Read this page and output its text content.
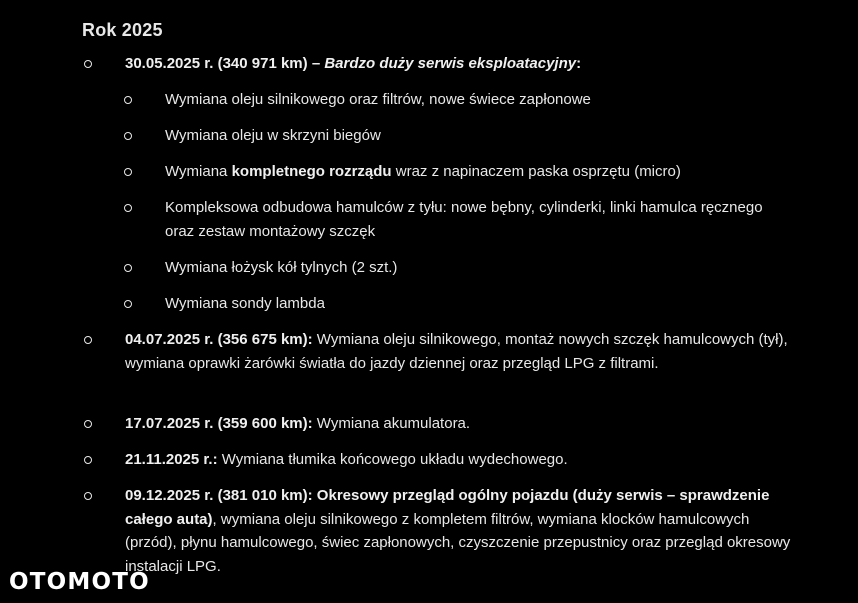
Rok 2025
30.05.2025 r. (340 971 km) – Bardzo duży serwis eksploatacyjny:
Wymiana oleju silnikowego oraz filtrów, nowe świece zapłonowe
Wymiana oleju w skrzyni biegów
Wymiana kompletnego rozrządu wraz z napinaczem paska osprzętu (micro)
Kompleksowa odbudowa hamulców z tyłu: nowe bębny, cylinderki, linki hamulca ręcznego oraz zestaw montażowy szczęk
Wymiana łożysk kół tylnych (2 szt.)
Wymiana sondy lambda
04.07.2025 r. (356 675 km): Wymiana oleju silnikowego, montaż nowych szczęk hamulcowych (tył), wymiana oprawki żarówki światła do jazdy dziennej oraz przegląd LPG z filtrami.
17.07.2025 r. (359 600 km): Wymiana akumulatora.
21.11.2025 r.: Wymiana tłumika końcowego układu wydechowego.
09.12.2025 r. (381 010 km): Okresowy przegląd ogólny pojazdu (duży serwis – sprawdzenie całego auta), wymiana oleju silnikowego z kompletem filtrów, wymiana klocków hamulcowych (przód), płynu hamulcowego, świec zapłonowych, czyszczenie przepustnicy oraz przegląd okresowy instalacji LPG.
OTOMOTO
